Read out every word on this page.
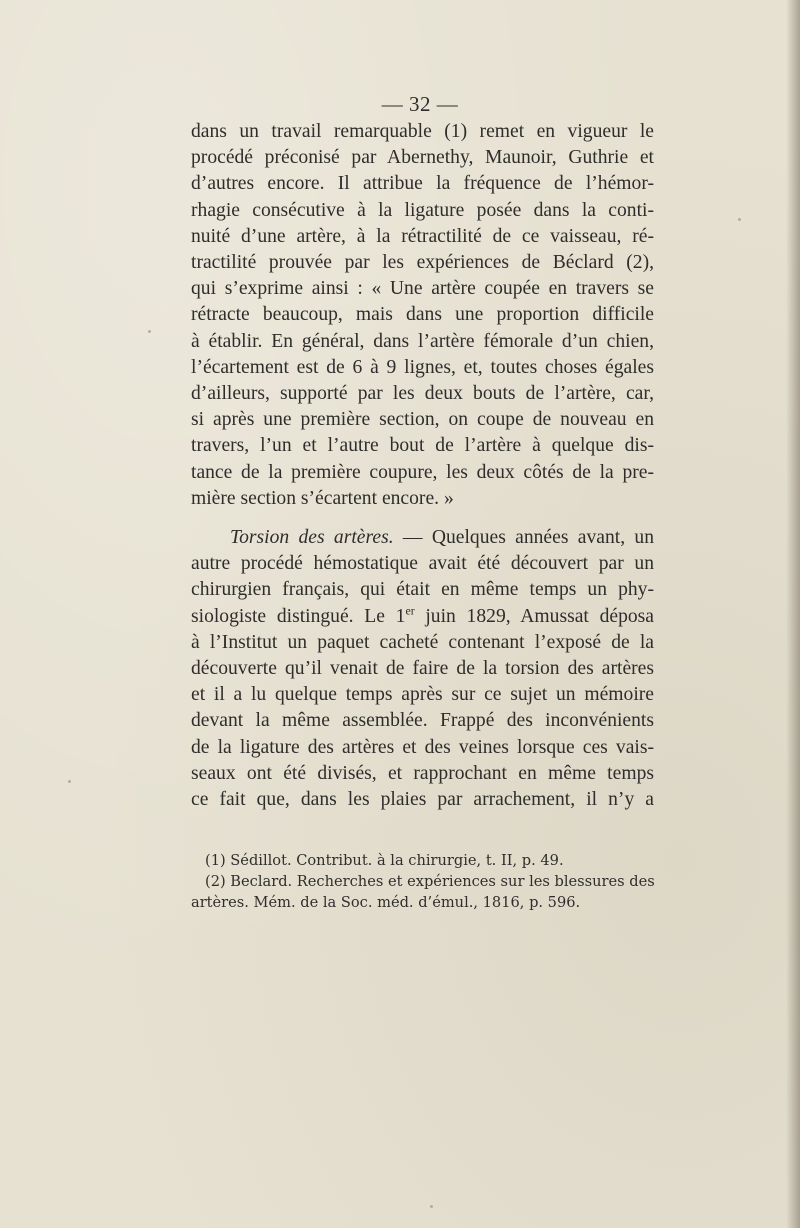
— 32 —
dans un travail remarquable (1) remet en vigueur le
procédé préconisé par Abernethy, Maunoir, Guthrie et
d’autres encore. Il attribue la fréquence de l’hémor-
rhagie consécutive à la ligature posée dans la conti-
nuité d’une artère, à la rétractilité de ce vaisseau, ré-
tractilité prouvée par les expériences de Béclard (2),
qui s’exprime ainsi : « Une artère coupée en travers se
rétracte beaucoup, mais dans une proportion difficile
à établir. En général, dans l’artère fémorale d’un chien,
l’écartement est de 6 à 9 lignes, et, toutes choses égales
d’ailleurs, supporté par les deux bouts de l’artère, car,
si après une première section, on coupe de nouveau en
travers, l’un et l’autre bout de l’artère à quelque dis-
tance de la première coupure, les deux côtés de la pre-
mière section s’écartent encore. »
Torsion des artères. — Quelques années avant, un
autre procédé hémostatique avait été découvert par un
chirurgien français, qui était en même temps un phy-
siologiste distingué. Le 1er juin 1829, Amussat déposa
à l’Institut un paquet cacheté contenant l’exposé de la
découverte qu’il venait de faire de la torsion des artères
et il a lu quelque temps après sur ce sujet un mémoire
devant la même assemblée. Frappé des inconvénients
de la ligature des artères et des veines lorsque ces vais-
seaux ont été divisés, et rapprochant en même temps
ce fait que, dans les plaies par arrachement, il n’y a

(1) Sédillot. Contribut. à la chirurgie, t. II, p. 49.

(2) Beclard. Recherches et expériences sur les blessures des

artères. Mém. de la Soc. méd. d’émul., 1816, p. 596.
